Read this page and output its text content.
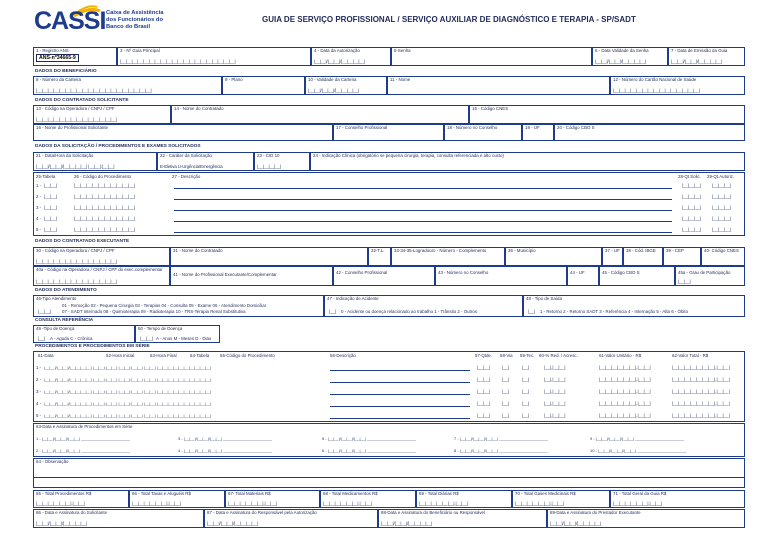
CASSI Caixa de Assistência
dos Funcionários do
Banco do Brasil
GUIA DE SERVIÇO PROFISSIONAL / SERVIÇO AUXILIAR DE DIAGNÓSTICO E TERAPIA - SP/SADT
1 - Registro ANS
ANS-nº34665-9
3 - Nº Guia Principal
|__|__|__|__|__|__|__|__|__|__|__|__|__|__|__|__|__|__|__|__|
4 - Data da Autorização
|__|__|/|__|__|/|__|__|__|__|
5-Senha	6 - Data Validade da Senha
|__|__|/|__|__|/|__|__|__|__|
7 - Data de Emissão da Guia
|__|__|/|__|__|/|__|__|__|__|
DADOS DO BENEFICIÁRIO
8 - Número da Carteira
|__|__|__|__|__|__|__|__|__|__|__|__|__|__|__|__|__|__|__|__|
9 - Plano	10 - Validade da Carteira
|__|__|/|__|__|/|__|__|__|__|
11 - Nome	12 - Número do Cartão Nacional de Saúde
|__|__|__|__|__|__|__|__|__|__|__|__|__|__|__|
DADOS DO CONTRATADO SOLICITANTE
13 - Código na Operadora / CNPJ / CPF
|__|__|__|__|__|__|__|__|__|__|__|__|__|__|
14 - Nome do Contratado	15 - Código CNES
16 - Nome do Profissional Solicitante	17 - Conselho Profissional	18 - Número no Conselho	19 - UF	20 - Código CBO S
DADOS DA SOLICITAÇÃO / PROCEDIMENTOS E EXAMES SOLICITADOS
21 - Data/Hora da Solicitação
|__|__|/|__|__|/|__|__|__|__| |__|__|:|__|__|
22 - Caráter da Solicitação
E-Eletiva U-Urgência/Emergência
23 - CID 10
|__|__|__|__|
24 - Indicação Clínica (obrigatório se pequena cirurgia, terapia, consulta referenciada e alto custo)
25-Tabela	26 - Código do Procedimento	27 - Descrição	28-Qt.Solic. 29-Qt.Autoriz.
1 - |__|__|	|__|__|__|__|__|__|__|__|__|__|	|__|__|__| |__|__|__|
2 - |__|__|	|__|__|__|__|__|__|__|__|__|__|	|__|__|__| |__|__|__|
3 - |__|__|	|__|__|__|__|__|__|__|__|__|__|	|__|__|__| |__|__|__|
4 - |__|__|	|__|__|__|__|__|__|__|__|__|__|	|__|__|__| |__|__|__|
5 - |__|__|	|__|__|__|__|__|__|__|__|__|__|	|__|__|__| |__|__|__|
DADOS DO CONTRATADO EXECUTANTE
30 - Código na Operadora / CNPJ / CPF
|__|__|__|__|__|__|__|__|__|__|__|__|__|__|
31 - Nome do Contratado	32-T.L. 33-34-35-Logradouro - Número - Complemento	36 - Município	37 - UF 38 - Cód. IBGE 39 - CEP	40- Código CNES
40a - Código na Operadora / CNPJ / CPF do exec.complementar
|__|__|__|__|__|__|__|__|__|__|__|__|__|__|
41 - Nome do Profissional Executante/Complementar	42 - Conselho Profissional	43 - Número no Conselho	44 - UF	45 - Código CBO S	45a - Grau de Participação
|__|__|
DADOS DO ATENDIMENTO
46-Tipo Atendimento
01 - Remoção 02 - Pequena Cirurgia 03 - Terapias 04 - Consulta 05 - Exame 06 - Atendimento Domiciliar
07 - SADT Internado 08 - Quimioterapia 09 - Radioterapia 10 - TRS-Terapia Renal Substitutiva
|__|__|
47 - Indicação de Acidente
|__| 0 - Acidente ou doença relacionado ao trabalho 1 - Trânsito 2 - Outros
48 - Tipo de Saída
|__| 1 - Retorno 2 - Retorno SADT 3 - Referência 4 - Internação 5 - Alta 6 - Óbito
CONSULTA REFERÊNCIA
49 -Tipo de Doença
|__| A - Aguda C - Crônica
50 - Tempo de Doença
|__|__| A - Anos M - Meses D - Dias
PROCEDIMENTOS E PROCEDIMENTOS EM SÉRIE
51-Data	52-Hora Inicial	53-Hora Final	54-Tabela 55-Código do Procedimento	56-Descrição	57-Qtde. 58-Via 59-Tec. 60-% Red. / Acresc.	61-Valor Unitário - R$	62-Valor Total - R$
1 - |__|__|/|__|__|/|__|__|__|__| |__|__|:|__|__| |__|__|:|__|__| |__|__| |__|__|__|__|__|__|__|__|__|__|	|__|__|	|__|	|__|	|__|,|__|__|	|__|__|__|__|__|__|,|__|__|	|__|__|__|__|__|__|__|,|__|__|
2 - |__|__|/|__|__|/|__|__|__|__| |__|__|:|__|__| |__|__|:|__|__| |__|__| |__|__|__|__|__|__|__|__|__|__|	|__|__|	|__|	|__|	|__|,|__|__|	|__|__|__|__|__|__|,|__|__|	|__|__|__|__|__|__|__|,|__|__|
3 - |__|__|/|__|__|/|__|__|__|__| |__|__|:|__|__| |__|__|:|__|__| |__|__| |__|__|__|__|__|__|__|__|__|__|	|__|__|	|__|	|__|	|__|,|__|__|	|__|__|__|__|__|__|,|__|__|	|__|__|__|__|__|__|__|,|__|__|
4 - |__|__|/|__|__|/|__|__|__|__| |__|__|:|__|__| |__|__|:|__|__| |__|__| |__|__|__|__|__|__|__|__|__|__|	|__|__|	|__|	|__|	|__|,|__|__|	|__|__|__|__|__|__|,|__|__|	|__|__|__|__|__|__|__|,|__|__|
5 - |__|__|/|__|__|/|__|__|__|__| |__|__|:|__|__| |__|__|:|__|__| |__|__| |__|__|__|__|__|__|__|__|__|__|	|__|__|	|__|	|__|	|__|,|__|__|	|__|__|__|__|__|__|,|__|__|	|__|__|__|__|__|__|__|,|__|__|
63-Data e Assinatura de Procedimentos em Série
1 - |__|__|/|__|__|/|__|__| ______________________	3 - |__|__|/|__|__|/|__|__| ______________________	5 - |__|__|/|__|__|/|__|__| ______________________	7 - |__|__|/|__|__|/|__|__| ______________________	9 - |__|__|/|__|__|/|__|__| ______________________
2 - |__|__|/|__|__|/|__|__| ______________________	4 - |__|__|/|__|__|/|__|__| ______________________	6 - |__|__|/|__|__|/|__|__| ______________________	8 - |__|__|/|__|__|/|__|__| ______________________	10 - |__|__|/|__|__|/|__|__| ______________________
64 - Observação
65 - Total Procedimentos R$
|__|__|__|__|__|__|,|__|__|
66 - Total Taxas e Aluguéis R$
|__|__|__|__|__|__|,|__|__|
67- Total Materiais R$
|__|__|__|__|__|__|,|__|__|
68 - Total Medicamentos R$
|__|__|__|__|__|__|,|__|__|
69 - Total Diárias R$
|__|__|__|__|__|__|,|__|__|
70 - Total Gases Medicinais R$
|__|__|__|__|__|__|,|__|__|
71 - Total Geral da Guia R$
|__|__|__|__|__|__|,|__|__|
86 - Data e Assinatura do Solicitante
|__|__|/|__|__|/|__|__|__|__|
87 - Data e Assinatura do Responsável pela Autorização
|__|__|/|__|__|/|__|__|__|__|
88-Data e Assinatura do Beneficiário ou Responsável
|__|__|/|__|__|/|__|__|__|__|
89-Data e Assinatura do Prestador Executante
|__|__|/|__|__|/|__|__|__|__|
